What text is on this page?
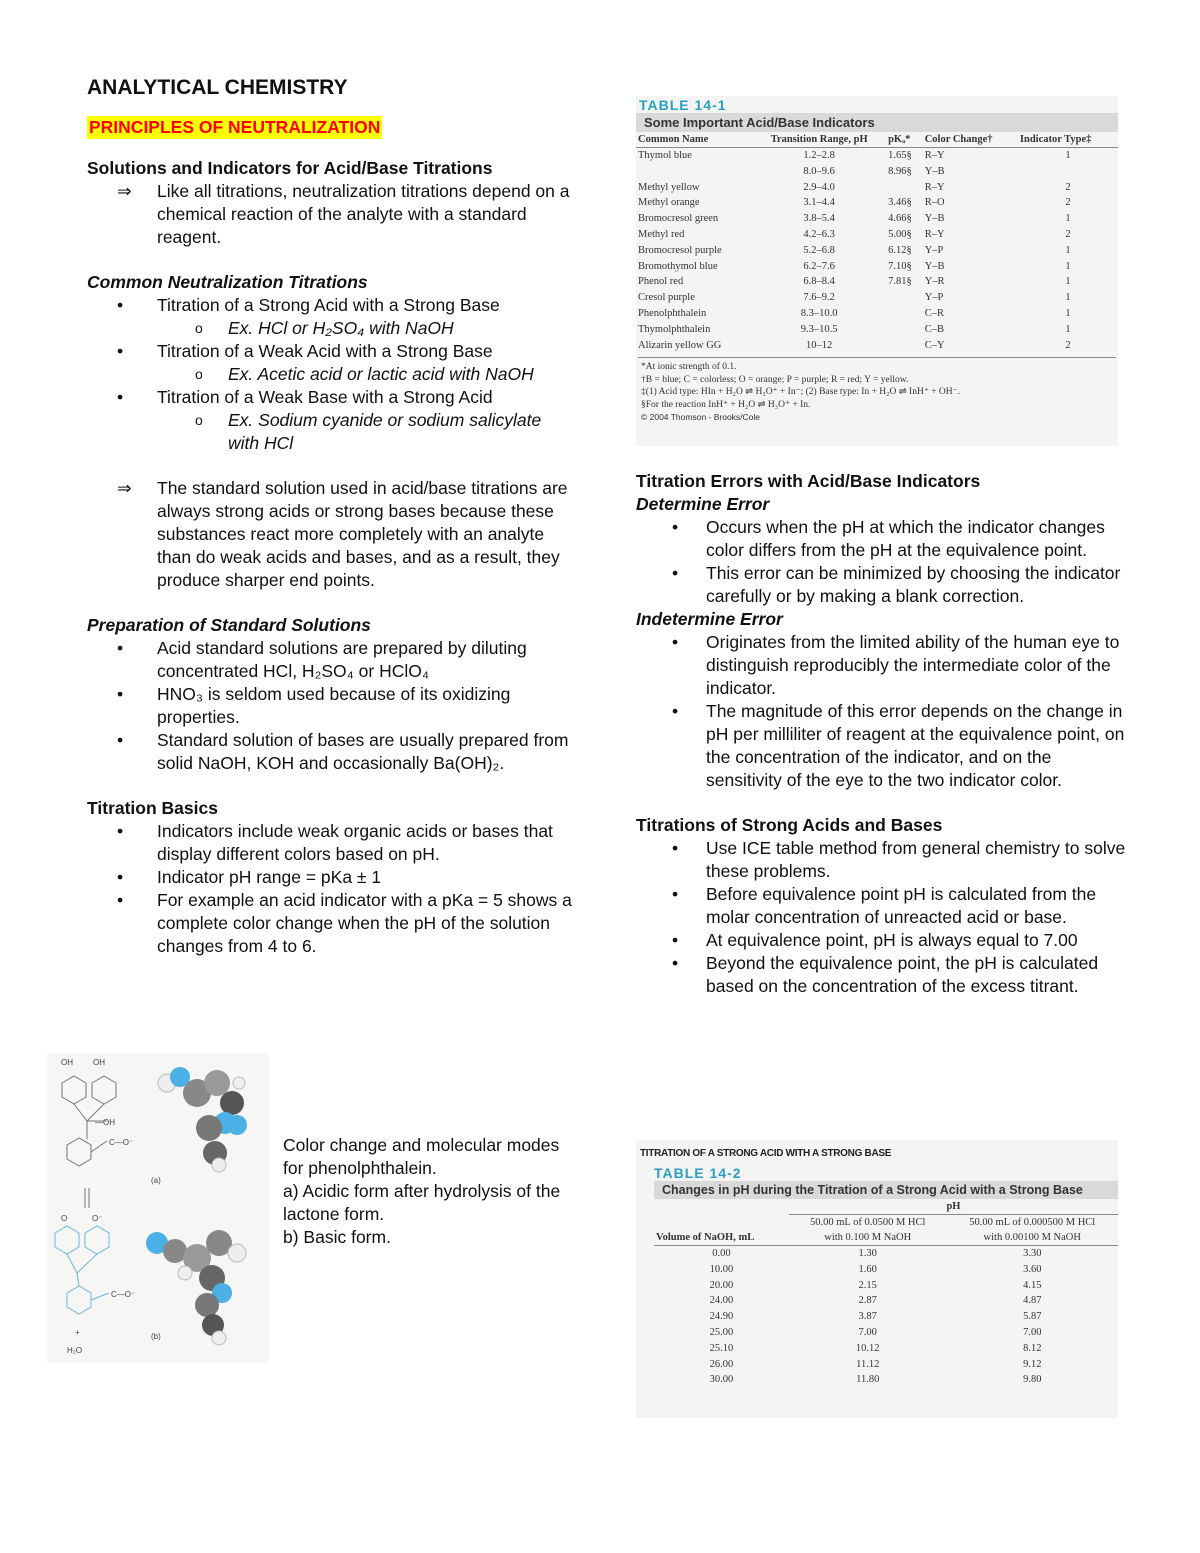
ANALYTICAL CHEMISTRY
PRINCIPLES OF NEUTRALIZATION

Solutions and Indicators for Acid/Base Titrations

⇒ Like all titrations, neutralization titrations depend on a chemical reaction of the analyte with a standard reagent.

Common Neutralization Titrations

• Titration of a Strong Acid with a Strong Base
o Ex. HCl or H₂SO₄ with NaOH
• Titration of a Weak Acid with a Strong Base
o Ex. Acetic acid or lactic acid with NaOH
• Titration of a Weak Base with a Strong Acid
o Ex. Sodium cyanide or sodium salicylate with HCl
⇒ The standard solution used in acid/base titrations are always strong acids or strong bases because these substances react more completely with an analyte than do weak acids and bases, and as a result, they produce sharper end points.

Preparation of Standard Solutions

• Acid standard solutions are prepared by diluting concentrated HCl, H₂SO₄ or HClO₄
• HNO₃ is seldom used because of its oxidizing properties.
• Standard solution of bases are usually prepared from solid NaOH, KOH and occasionally Ba(OH)₂.

Titration Basics

• Indicators include weak organic acids or bases that display different colors based on pH.
• Indicator pH range = pKa ± 1
• For example an acid indicator with a pKa = 5 shows a complete color change when the pH of the solution changes from 4 to 6.
OH	OH
—OH
C—O⁻
O	O⁻
C—O⁻
+
H₂O
(a)
(b)
Color change and molecular modes for phenolphthalein.
a) Acidic form after hydrolysis of the
lactone form.
b) Basic form.
TABLE 14-1
Some Important Acid/Base Indicators
Common Name	Transition Range, pH	pKₐ*	Color Change†	Indicator Type‡
Thymol blue	1.2–2.8	1.65§	R–Y	1
	8.0–9.6	8.96§	Y–B	
Methyl yellow	2.9–4.0		R–Y	2
Methyl orange	3.1–4.4	3.46§	R–O	2
Bromocresol green	3.8–5.4	4.66§	Y–B	1
Methyl red	4.2–6.3	5.00§	R–Y	2
Bromocresol purple	5.2–6.8	6.12§	Y–P	1
Bromothymol blue	6.2–7.6	7.10§	Y–B	1
Phenol red	6.8–8.4	7.81§	Y–R	1
Cresol purple	7.6–9.2		Y–P	1
Phenolphthalein	8.3–10.0		C–R	1
Thymolphthalein	9.3–10.5		C–B	1
Alizarin yellow GG	10–12		C–Y	2
*At ionic strength of 0.1.
†B = blue; C = colorless; O = orange; P = purple; R = red; Y = yellow.
‡(1) Acid type: HIn + H₂O ⇌ H₃O⁺ + In⁻; (2) Base type: In + H₂O ⇌ InH⁺ + OH⁻.
§For the reaction InH⁺ + H₂O ⇌ H₃O⁺ + In.
© 2004 Thomson - Brooks/Cole

Titration Errors with Acid/Base Indicators

Determine Error

• Occurs when the pH at which the indicator changes color differs from the pH at the equivalence point.
• This error can be minimized by choosing the indicator carefully or by making a blank correction.

Indetermine Error

• Originates from the limited ability of the human eye to distinguish reproducibly the intermediate color of the indicator.
• The magnitude of this error depends on the change in pH per milliliter of reagent at the equivalence point, on the concentration of the indicator, and on the sensitivity of the eye to the two indicator color.

Titrations of Strong Acids and Bases

• Use ICE table method from general chemistry to solve these problems.
• Before equivalence point pH is calculated from the molar concentration of unreacted acid or base.
• At equivalence point, pH is always equal to 7.00
• Beyond the equivalence point, the pH is calculated based on the concentration of the excess titrant.
TITRATION OF A STRONG ACID WITH A STRONG BASE
TABLE 14-2
Changes in pH during the Titration of a Strong Acid with a Strong Base
	pH	
	50.00 mL of 0.0500 M HCl	50.00 mL of 0.000500 M HCl
Volume of NaOH, mL	with 0.100 M NaOH	with 0.00100 M NaOH
0.00	1.30	3.30
10.00	1.60	3.60
20.00	2.15	4.15
24.00	2.87	4.87
24.90	3.87	5.87
25.00	7.00	7.00
25.10	10.12	8.12
26.00	11.12	9.12
30.00	11.80	9.80
